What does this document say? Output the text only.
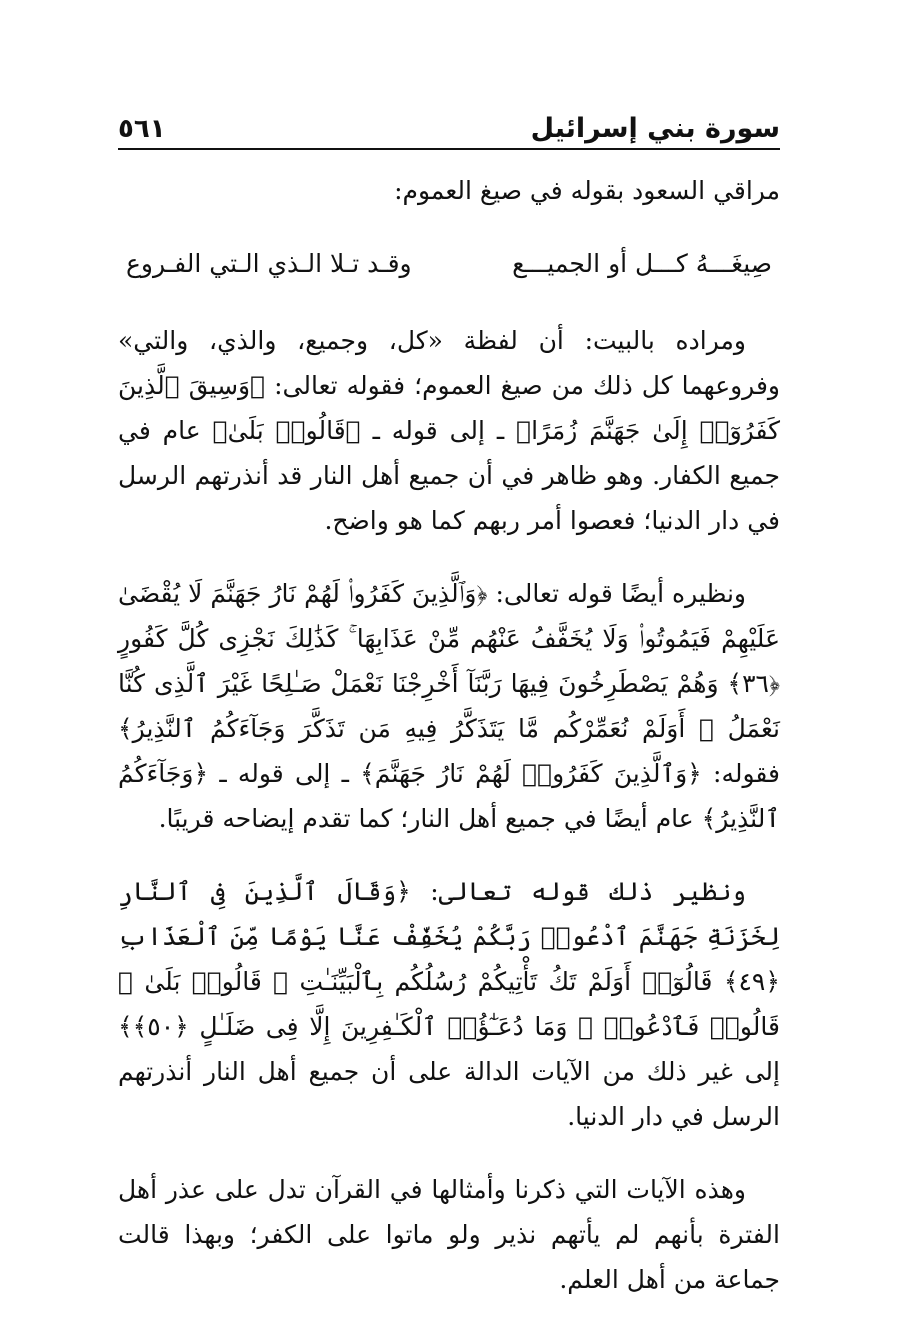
سورة بني إسرائيل
٥٦١

مراقي السعود بقوله في صيغ العموم:

صِيغَـــهُ كـــل أو الجميـــع
وقـد تـلا الـذي الـتي الفـروع

ومراده بالبيت: أن لفظة «كل، وجميع، والذي، والتي» وفروعهما كل ذلك من صيغ العموم؛ فقوله تعالى: ﴿وَسِيقَ ٱلَّذِينَ كَفَرُوٓا۟ إِلَىٰ جَهَنَّمَ زُمَرًا﴾ ـ إلى قوله ـ ﴿قَالُوا۟ بَلَىٰ﴾ عام في جميع الكفار. وهو ظاهر في أن جميع أهل النار قد أنذرتهم الرسل في دار الدنيا؛ فعصوا أمر ربهم كما هو واضح.

ونظيره أيضًا قوله تعالى: ﴿وَٱلَّذِينَ كَفَرُوا۟ لَهُمْ نَارُ جَهَنَّمَ لَا يُقْضَىٰ عَلَيْهِمْ فَيَمُوتُوا۟ وَلَا يُخَفَّفُ عَنْهُم مِّنْ عَذَابِهَا ۚ كَذَٰلِكَ نَجْزِى كُلَّ كَفُورٍ ﴿٣٦﴾ وَهُمْ يَصْطَرِخُونَ فِيهَا رَبَّنَآ أَخْرِجْنَا نَعْمَلْ صَـٰلِحًا غَيْرَ ٱلَّذِى كُنَّا نَعْمَلُ ۚ أَوَلَمْ نُعَمِّرْكُم مَّا يَتَذَكَّرُ فِيهِ مَن تَذَكَّرَ وَجَآءَكُمُ ٱلنَّذِيرُ﴾ فقوله: ﴿وَٱلَّذِينَ كَفَرُوا۟ لَهُمْ نَارُ جَهَنَّمَ﴾ ـ إلى قوله ـ ﴿وَجَآءَكُمُ ٱلنَّذِيرُ﴾ عام أيضًا في جميع أهل النار؛ كما تقدم إيضاحه قريبًا.

ونظير ذلك قوله تعالى: ﴿وَقَالَ ٱلَّذِينَ فِى ٱلنَّارِ لِخَزَنَةِ جَهَنَّمَ ٱدْعُوا۟ رَبَّكُمْ يُخَفِّفْ عَنَّا يَوْمًا مِّنَ ٱلْعَذَابِ ﴿٤٩﴾ قَالُوٓا۟ أَوَلَمْ تَكُ تَأْتِيكُمْ رُسُلُكُم بِٱلْبَيِّنَـٰتِ ۖ قَالُوا۟ بَلَىٰ ۚ قَالُوا۟ فَٱدْعُوا۟ ۗ وَمَا دُعَـٰٓؤُا۟ ٱلْكَـٰفِرِينَ إِلَّا فِى ضَلَـٰلٍ ﴿٥٠﴾﴾ إلى غير ذلك من الآيات الدالة على أن جميع أهل النار أنذرتهم الرسل في دار الدنيا.

وهذه الآيات التي ذكرنا وأمثالها في القرآن تدل على عذر أهل الفترة بأنهم لم يأتهم نذير ولو ماتوا على الكفر؛ وبهذا قالت جماعة من أهل العلم.
